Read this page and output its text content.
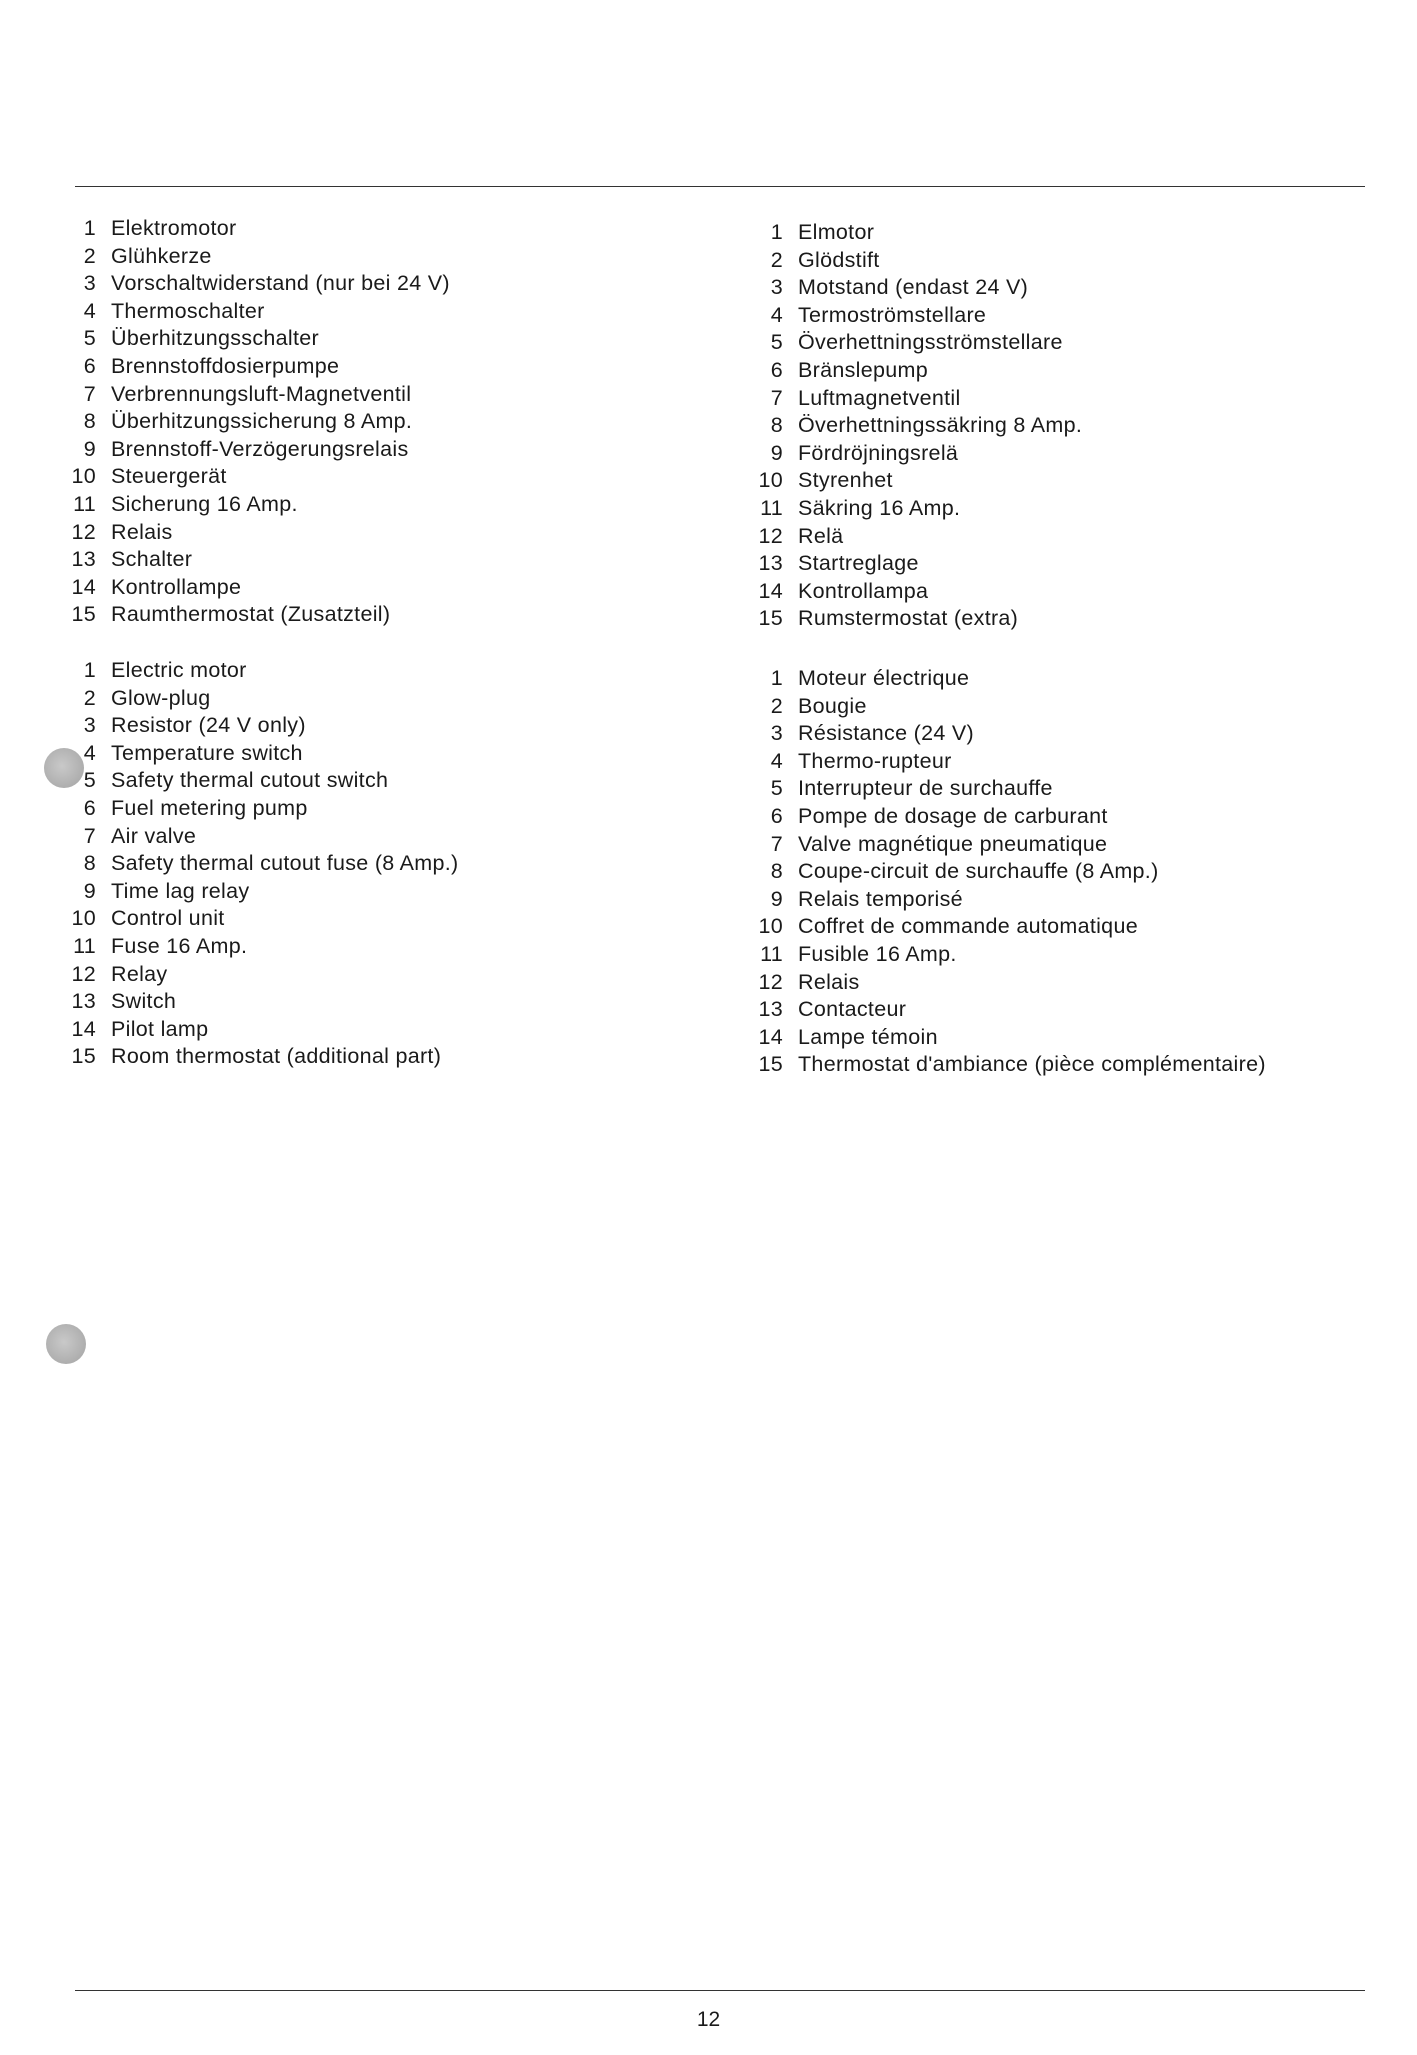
1 Elektromotor
2 Glühkerze
3 Vorschaltwiderstand (nur bei 24 V)
4 Thermoschalter
5 Überhitzungsschalter
6 Brennstoffdosierpumpe
7 Verbrennungsluft-Magnetventil
8 Überhitzungssicherung 8 Amp.
9 Brennstoff-Verzögerungsrelais
10 Steuergerät
11 Sicherung 16 Amp.
12 Relais
13 Schalter
14 Kontrollampe
15 Raumthermostat (Zusatzteil)
1 Elmotor
2 Glödstift
3 Motstand (endast 24 V)
4 Termoströmstellare
5 Överhettningsströmstellare
6 Bränslepump
7 Luftmagnetventil
8 Överhettningssäkring 8 Amp.
9 Fördröjningsrelä
10 Styrenhet
11 Säkring 16 Amp.
12 Relä
13 Startreglage
14 Kontrollampa
15 Rumstermostat (extra)
1 Electric motor
2 Glow-plug
3 Resistor (24 V only)
4 Temperature switch
5 Safety thermal cutout switch
6 Fuel metering pump
7 Air valve
8 Safety thermal cutout fuse (8 Amp.)
9 Time lag relay
10 Control unit
11 Fuse 16 Amp.
12 Relay
13 Switch
14 Pilot lamp
15 Room thermostat (additional part)
1 Moteur électrique
2 Bougie
3 Résistance (24 V)
4 Thermo-rupteur
5 Interrupteur de surchauffe
6 Pompe de dosage de carburant
7 Valve magnétique pneumatique
8 Coupe-circuit de surchauffe (8 Amp.)
9 Relais temporisé
10 Coffret de commande automatique
11 Fusible 16 Amp.
12 Relais
13 Contacteur
14 Lampe témoin
15 Thermostat d'ambiance (pièce complémentaire)
12
